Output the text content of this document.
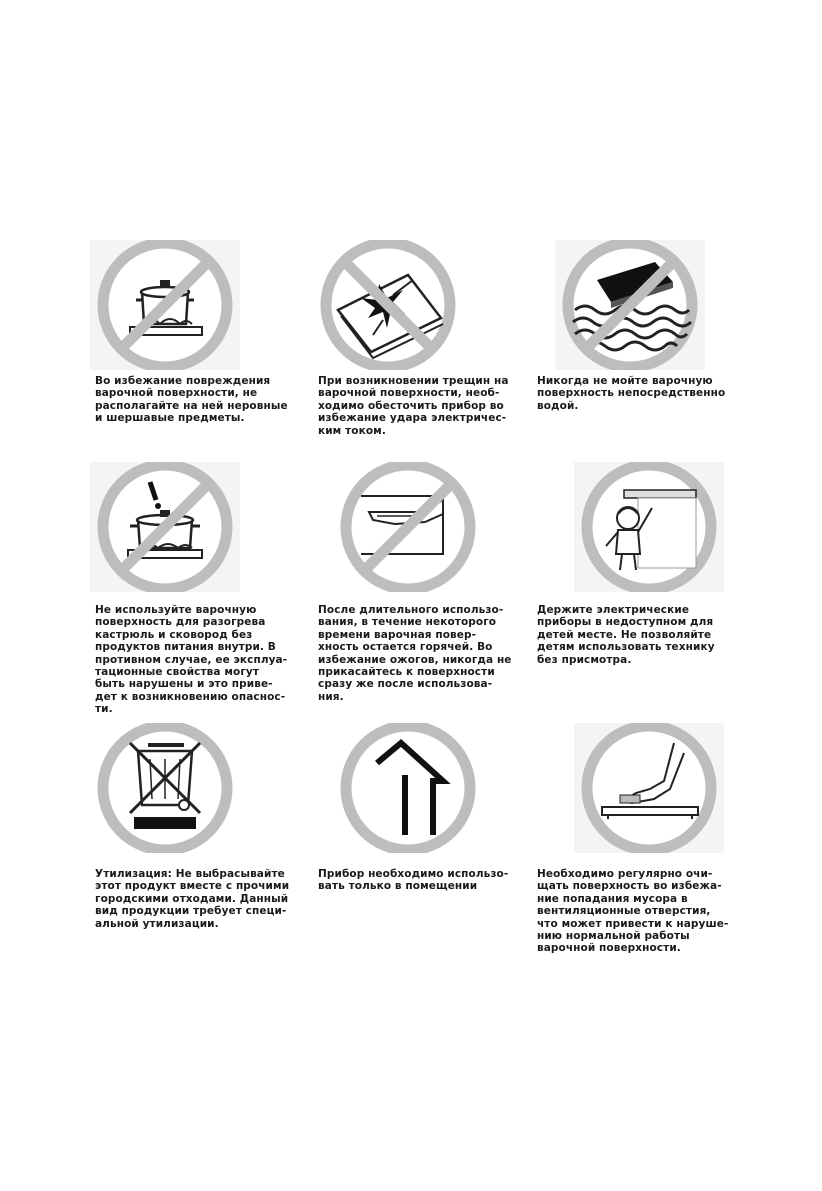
Во избежание повреждения
варочной поверхности, не
располагайте на ней неровные
и шершавые предметы.
При возникновении трещин на
варочной поверхности, необ-
ходимо обесточить прибор во
избежание удара электричес-
ким током.
Никогда не мойте варочную
поверхность непосредственно
водой.
Не используйте варочную
поверхность для разогрева
кастрюль и сковород без
продуктов питания внутри. В
противном случае, ее эксплуа-
тационные свойства могут
быть нарушены и это приве-
дет к возникновению опаснос-
ти.
После длительного использо-
вания, в течение некоторого
времени варочная повер-
хность остается горячей. Во
избежание ожогов, никогда не
прикасайтесь к поверхности
сразу же после использова-
ния.
Держите электрические
приборы в недоступном для
детей месте. Не позволяйте
детям использовать технику
без присмотра.
Утилизация: Не выбрасывайте
этот продукт вместе с прочими
городскими отходами. Данный
вид продукции требует специ-
альной утилизации.
Прибор необходимо использо-
вать только в помещении
Необходимо регулярно очи-
щать поверхность во избежа-
ние попадания мусора в
вентиляционные отверстия,
что может привести к наруше-
нию нормальной работы
варочной поверхности.
